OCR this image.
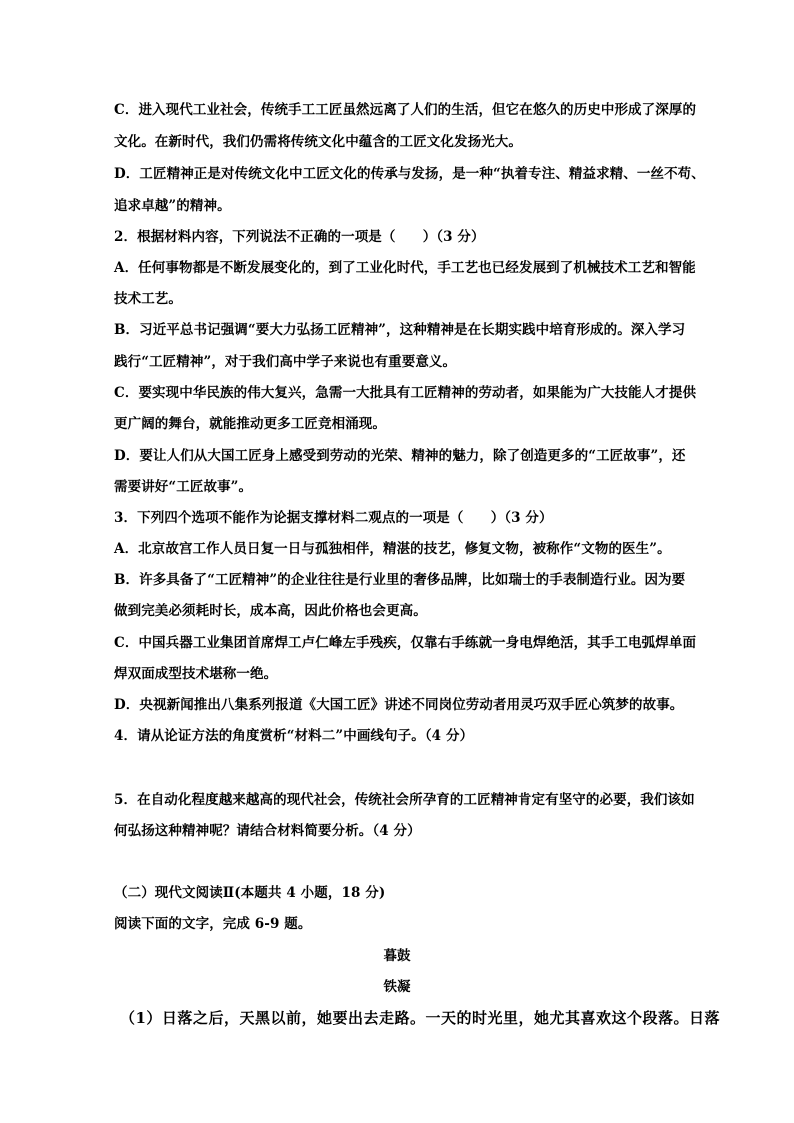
C．进入现代工业社会，传统手工工匠虽然远离了人们的生活，但它在悠久的历史中形成了深厚的
文化。在新时代，我们仍需将传统文化中蕴含的工匠文化发扬光大。
D．工匠精神正是对传统文化中工匠文化的传承与发扬，是一种“执着专注、精益求精、一丝不苟、
追求卓越”的精神。
2．根据材料内容，下列说法不正确的一项是（　　）（3 分）
A．任何事物都是不断发展变化的，到了工业化时代，手工艺也已经发展到了机械技术工艺和智能
技术工艺。
B．习近平总书记强调“要大力弘扬工匠精神”，这种精神是在长期实践中培育形成的。深入学习
践行“工匠精神”，对于我们高中学子来说也有重要意义。
C．要实现中华民族的伟大复兴，急需一大批具有工匠精神的劳动者，如果能为广大技能人才提供
更广阔的舞台，就能推动更多工匠竞相涌现。
D．要让人们从大国工匠身上感受到劳动的光荣、精神的魅力，除了创造更多的“工匠故事”，还
需要讲好“工匠故事”。
3．下列四个选项不能作为论据支撑材料二观点的一项是（　　）（3 分）
A．北京故宫工作人员日复一日与孤独相伴，精湛的技艺，修复文物，被称作“文物的医生”。
B．许多具备了“工匠精神”的企业往往是行业里的奢侈品牌，比如瑞士的手表制造行业。因为要
做到完美必须耗时长，成本高，因此价格也会更高。
C．中国兵器工业集团首席焊工卢仁峰左手残疾，仅靠右手练就一身电焊绝活，其手工电弧焊单面
焊双面成型技术堪称一绝。
D．央视新闻推出八集系列报道《大国工匠》讲述不同岗位劳动者用灵巧双手匠心筑梦的故事。
4．请从论证方法的角度赏析“材料二”中画线句子。（4 分）
5．在自动化程度越来越高的现代社会，传统社会所孕育的工匠精神肯定有坚守的必要，我们该如
何弘扬这种精神呢？请结合材料简要分析。（4 分）
（二）现代文阅读Ⅱ(本题共 4 小题，18 分)
阅读下面的文字，完成 6-9 题。
暮鼓
铁凝
（1）日落之后，天黑以前，她要出去走路。一天的时光里，她尤其喜欢这个段落。日落
